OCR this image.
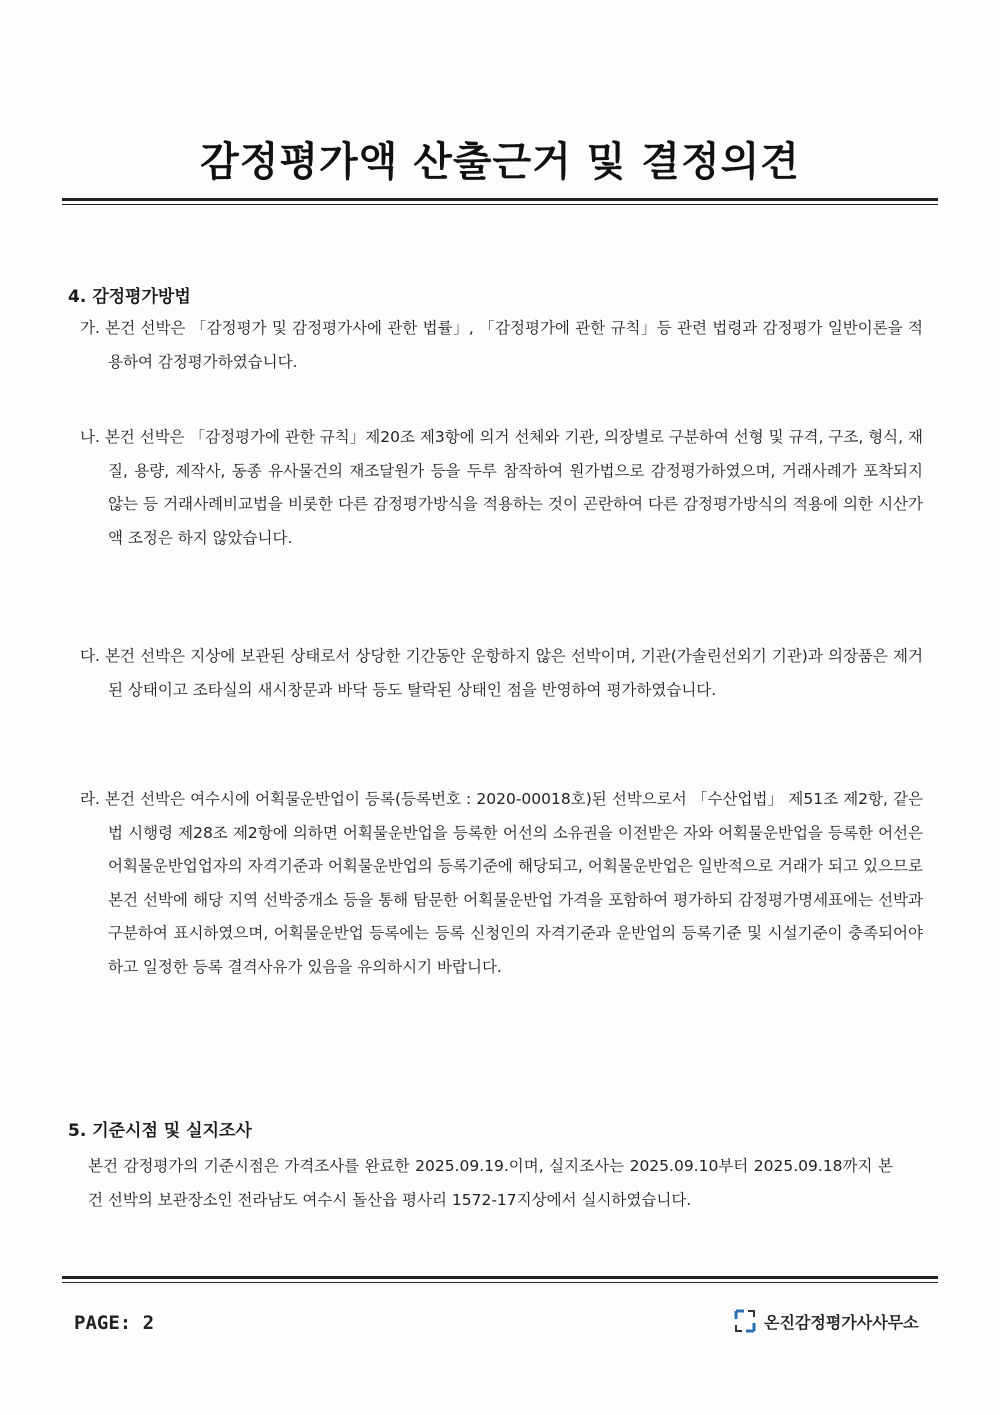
감정평가액 산출근거 및 결정의견
4. 감정평가방법

가. 본건 선박은 「감정평가 및 감정평가사에 관한 법률」, 「감정평가에 관한 규칙」등 관련 법령과 감정평가 일반이론을 적용하여 감정평가하였습니다.

나. 본건 선박은 「감정평가에 관한 규칙」제20조 제3항에 의거 선체와 기관, 의장별로 구분하여 선형 및 규격, 구조, 형식, 재질, 용량, 제작사, 동종 유사물건의 재조달원가 등을 두루 참작하여 원가법으로 감정평가하였으며, 거래사례가 포착되지 않는 등 거래사례비교법을 비롯한 다른 감정평가방식을 적용하는 것이 곤란하여 다른 감정평가방식의 적용에 의한 시산가액 조정은 하지 않았습니다.

다. 본건 선박은 지상에 보관된 상태로서 상당한 기간동안 운항하지 않은 선박이며, 기관(가솔린선외기 기관)과 의장품은 제거된 상태이고 조타실의 새시창문과 바닥 등도 탈락된 상태인 점을 반영하여 평가하였습니다.

라. 본건 선박은 여수시에 어획물운반업이 등록(등록번호 : 2020-00018호)된 선박으로서 「수산업법」 제51조 제2항, 같은 법 시행령 제28조 제2항에 의하면 어획물운반업을 등록한 어선의 소유권을 이전받은 자와 어획물운반업을 등록한 어선은 어획물운반업업자의 자격기준과 어획물운반업의 등록기준에 해당되고, 어획물운반업은 일반적으로 거래가 되고 있으므로 본건 선박에 해당 지역 선박중개소 등을 통해 탐문한 어획물운반업 가격을 포함하여 평가하되 감정평가명세표에는 선박과 구분하여 표시하였으며, 어획물운반업 등록에는 등록 신청인의 자격기준과 운반업의 등록기준 및 시설기준이 충족되어야 하고 일정한 등록 결격사유가 있음을 유의하시기 바랍니다.

5. 기준시점 및 실지조사

본건 감정평가의 기준시점은 가격조사를 완료한 2025.09.19.이며, 실지조사는 2025.09.10부터 2025.09.18까지 본건 선박의 보관장소인 전라남도 여수시 돌산읍 평사리 1572-17지상에서 실시하였습니다.

PAGE: 2	온진감정평가사사무소
